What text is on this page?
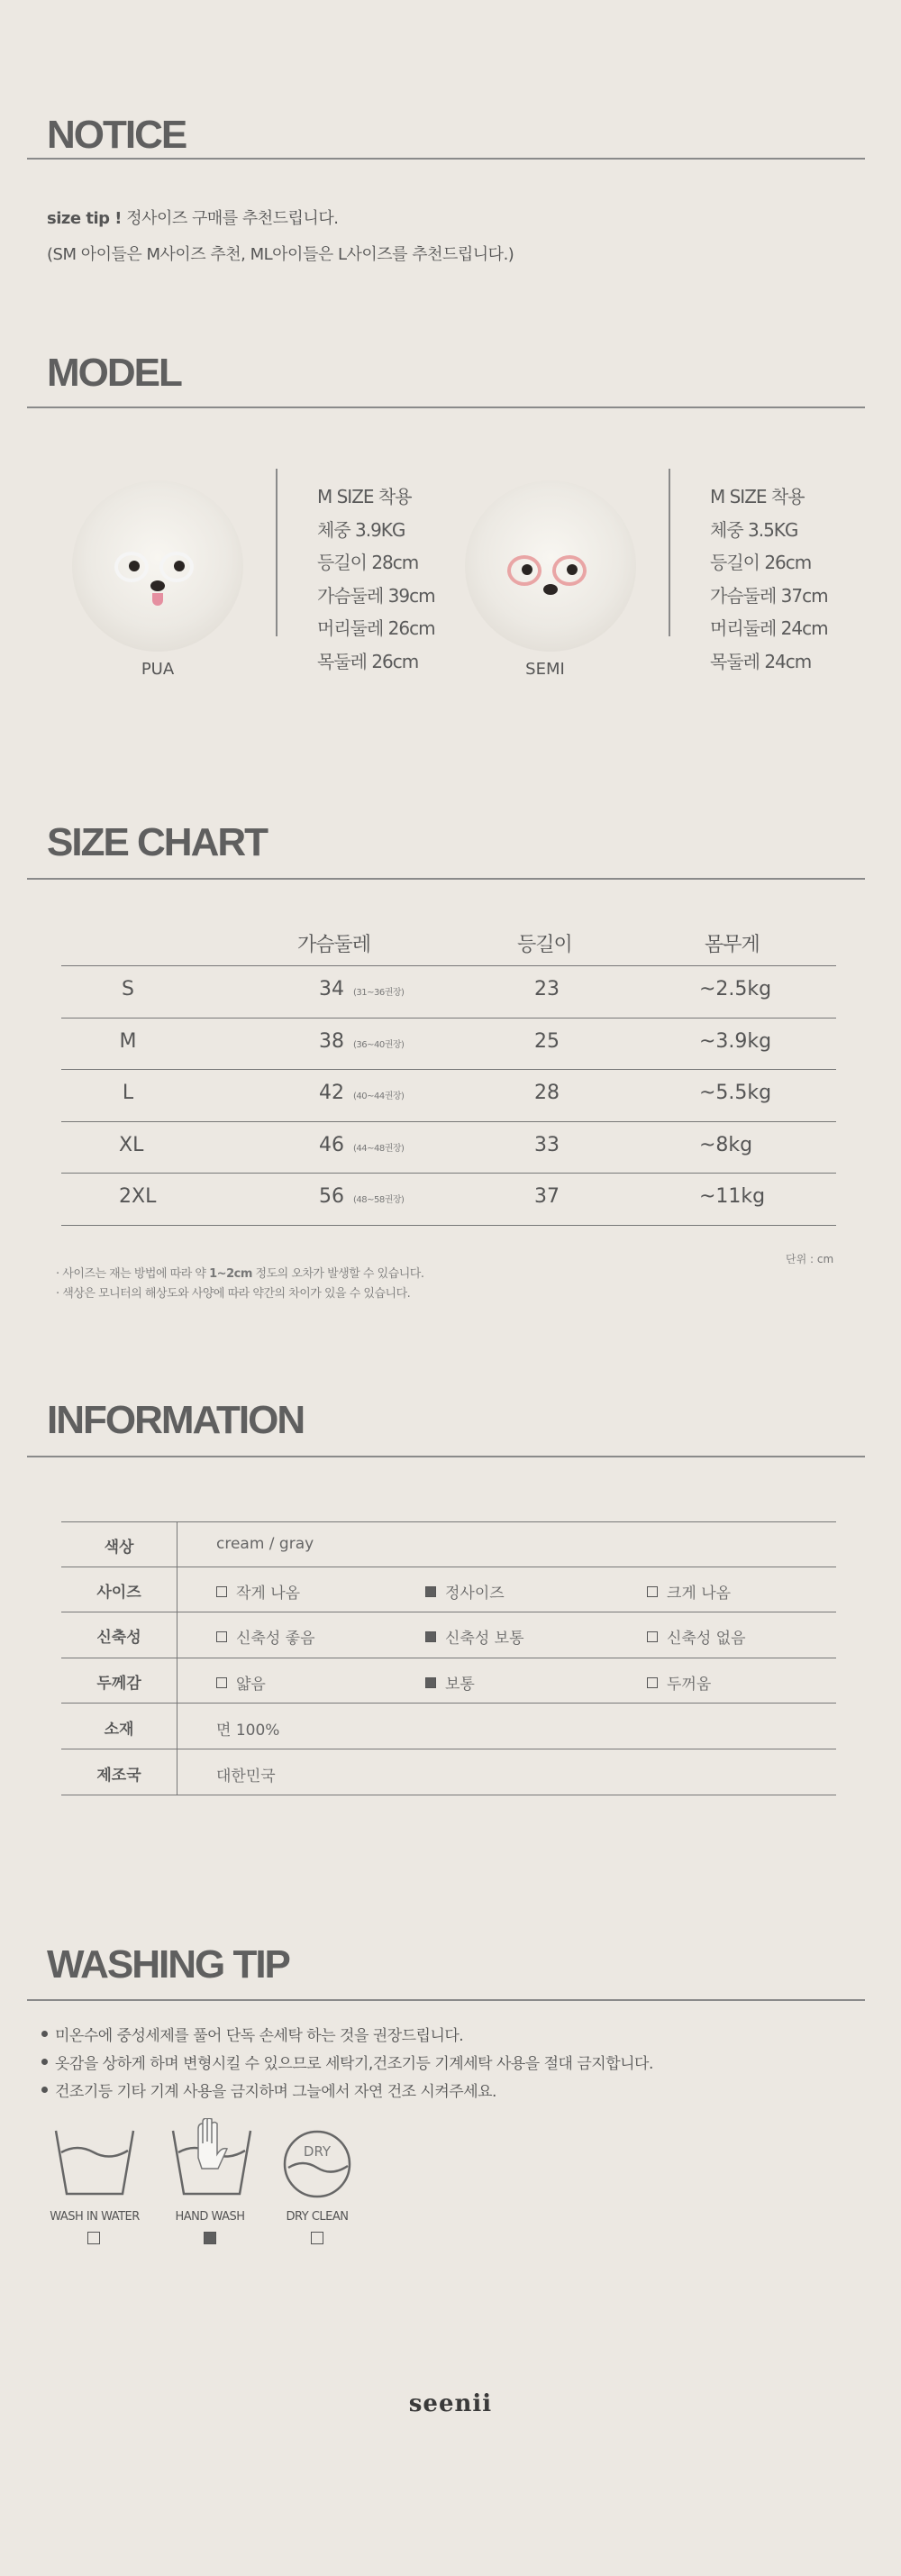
NOTICE
size tip ! 정사이즈 구매를 추천드립니다.
(SM 아이들은 M사이즈 추천, ML아이들은 L사이즈를 추천드립니다.)
MODEL
PUA
M SIZE 착용
체중 3.9KG
등길이 28cm
가슴둘레 39cm
머리둘레 26cm
목둘레 26cm	SEMI
M SIZE 착용
체중 3.5KG
등길이 26cm
가슴둘레 37cm
머리둘레 24cm
목둘레 24cm
SIZE CHART
가슴둘레	등길이	몸무게
S	34 (31~36권장)	23	~2.5kg
M	38 (36~40권장)	25	~3.9kg
L	42 (40~44권장)	28	~5.5kg
XL	46 (44~48권장)	33	~8kg
2XL	56 (48~58권장)	37	~11kg
단위 : cm
· 사이즈는 재는 방법에 따라 약 1~2cm 정도의 오차가 발생할 수 있습니다.
· 색상은 모니터의 해상도와 사양에 따라 약간의 차이가 있을 수 있습니다.
INFORMATION
색상	cream / gray
사이즈	작게 나옴	정사이즈	크게 나옴
신축성	신축성 좋음	신축성 보통	신축성 없음
두께감	얇음	보통	두꺼움
소재	면 100%
제조국	대한민국
WASHING TIP
미온수에 중성세제를 풀어 단독 손세탁 하는 것을 권장드립니다.
옷감을 상하게 하며 변형시킬 수 있으므로 세탁기,건조기등 기계세탁 사용을 절대 금지합니다.
건조기등 기타 기계 사용을 금지하며 그늘에서 자연 건조 시켜주세요.
WASH IN WATER	HAND WASH
DRY
DRY CLEAN
seenii
